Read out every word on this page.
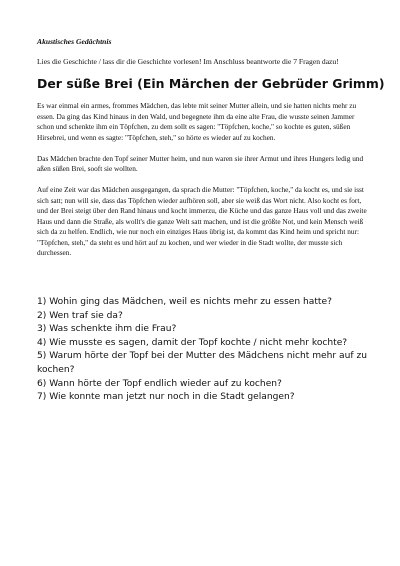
Akustisches Gedächtnis
Lies die Geschichte / lass dir die Geschichte vorlesen! Im Anschluss beantworte die 7 Fragen dazu!
Der süße Brei (Ein Märchen der Gebrüder Grimm)

Es war einmal ein armes, frommes Mädchen, das lebte mit seiner Mutter allein, und sie hatten nichts mehr zu essen. Da ging das Kind hinaus in den Wald, und begegnete ihm da eine alte Frau, die wusste seinen Jammer schon und schenkte ihm ein Töpfchen, zu dem sollt es sagen: "Töpfchen, koche," so kochte es guten, süßen Hirsebrei, und wenn es sagte: "Töpfchen, steh," so hörte es wieder auf zu kochen.

Das Mädchen brachte den Topf seiner Mutter heim, und nun waren sie ihrer Armut und ihres Hungers ledig und aßen süßen Brei, sooft sie wollten.

Auf eine Zeit war das Mädchen ausgegangen, da sprach die Mutter: "Töpfchen, koche," da kocht es, und sie isst sich satt; nun will sie, dass das Töpfchen wieder aufhören soll, aber sie weiß das Wort nicht. Also kocht es fort, und der Brei steigt über den Rand hinaus und kocht immerzu, die Küche und das ganze Haus voll und das zweite Haus und dann die Straße, als wollt's die ganze Welt satt machen, und ist die größte Not, und kein Mensch weiß sich da zu helfen. Endlich, wie nur noch ein einziges Haus übrig ist, da kommt das Kind heim und spricht nur: "Töpfchen, steh," da steht es und hört auf zu kochen, und wer wieder in die Stadt wollte, der musste sich durchessen.

1) Wohin ging das Mädchen, weil es nichts mehr zu essen hatte?
2) Wen traf sie da?
3) Was schenkte ihm die Frau?
4) Wie musste es sagen, damit der Topf kochte / nicht mehr kochte?
5) Warum hörte der Topf bei der Mutter des Mädchens nicht mehr auf zu kochen?
6) Wann hörte der Topf endlich wieder auf zu kochen?
7) Wie konnte man jetzt nur noch in die Stadt gelangen?
